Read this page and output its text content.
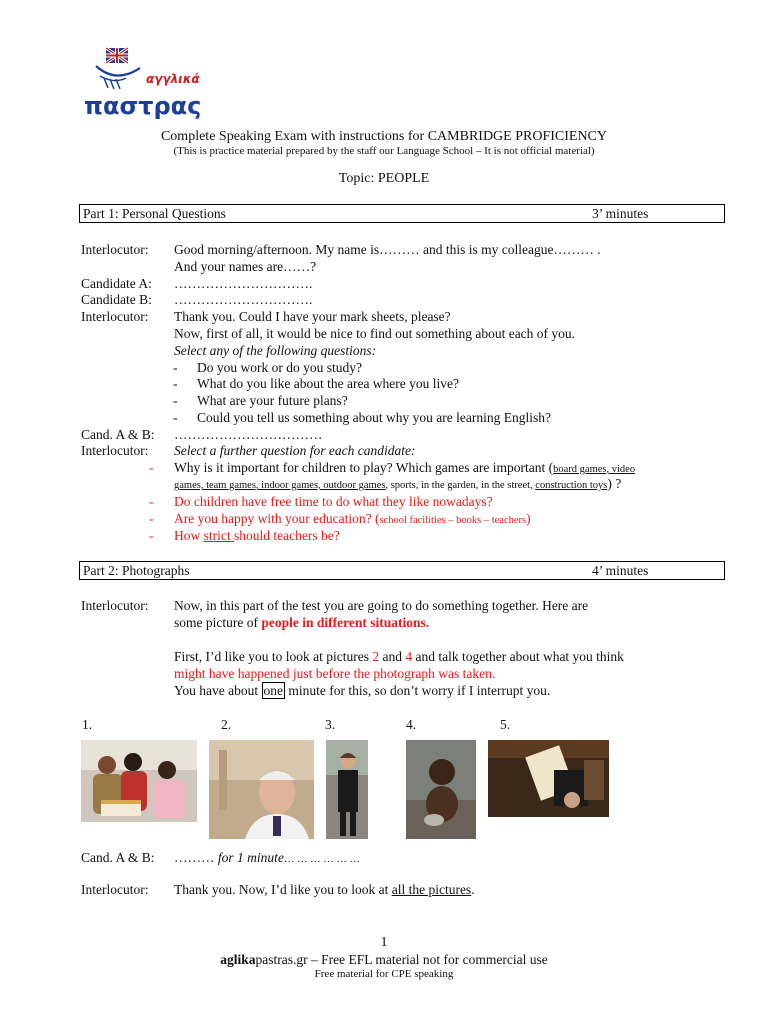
αγγλικά
παστρας
Complete Speaking Exam with instructions for CAMBRIDGE PROFICIENCY
(This is practice material prepared by the staff our Language School – It is not official material)
Topic: PEOPLE
Part 1: Personal Questions	3’ minutes
Interlocutor: Good morning/afternoon. My name is……… and this is my colleague……… .
And your names are……?
Candidate A: ………………………….
Candidate B: ………………………….
Interlocutor: Thank you. Could I have your mark sheets, please?
Now, first of all, it would be nice to find out something about each of you.
Select any of the following questions:
- Do you work or do you study?
- What do you like about the area where you live?
- What are your future plans?
- Could you tell us something about why you are learning English?
Cand. A & B: ……………………………
Interlocutor: Select a further question for each candidate:
- Why is it important for children to play? Which games are important (board games, video
games, team games, indoor games, outdoor games, sports, in the garden, in the street, construction toys) ?
- Do children have free time to do what they like nowadays?
- Are you happy with your education? (school facilities – books – teachers)
- How strict should teachers be?
Part 2: Photographs	4’ minutes
Interlocutor: Now, in this part of the test you are going to do something together. Here are
some picture of people in different situations.
First, I’d like you to look at pictures 2 and 4 and talk together about what you think
might have happened just before the photograph was taken.
You have about one minute for this, so don’t worry if I interrupt you.
1.	2.	3.	4.	5.
Cand. A & B: ……… for 1 minute… … … … … …
Interlocutor: Thank you. Now, I’d like you to look at all the pictures.
1
aglikapastras.gr – Free EFL material not for commercial use
Free material for CPE speaking
